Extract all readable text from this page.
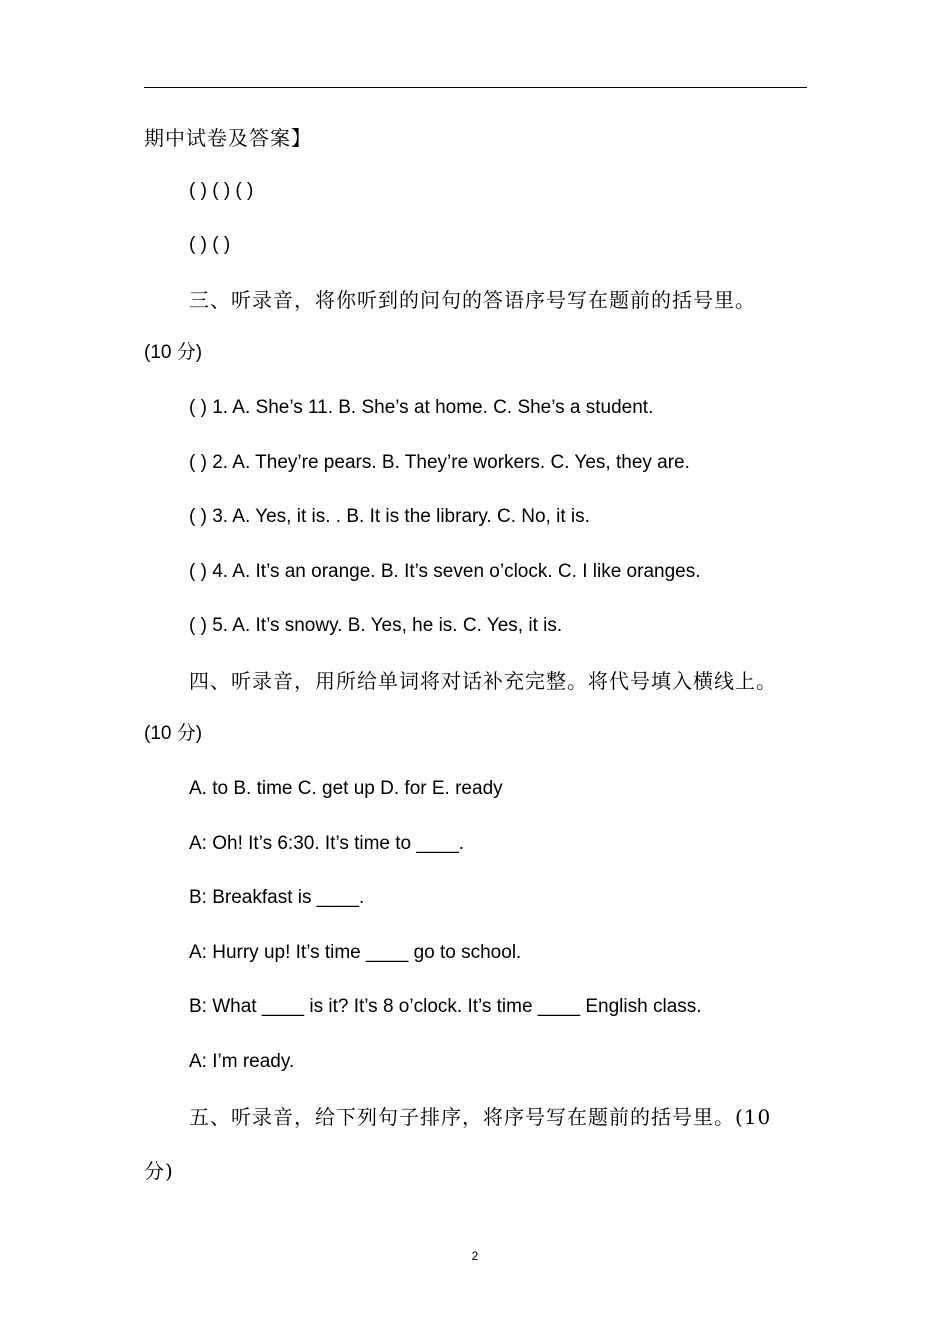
期中试卷及答案】
( ) ( ) ( )
( ) ( )
三、听录音，将你听到的问句的答语序号写在题前的括号里。
(10 分)
( ) 1. A. She’s 11. B. She’s at home. C. She’s a student.
( ) 2. A. They’re pears. B. They’re workers. C. Yes, they are.
( ) 3. A. Yes, it is. . B. It is the library. C. No, it is.
( ) 4. A. It’s an orange. B. It’s seven o’clock. C. I like oranges.
( ) 5. A. It’s snowy. B. Yes, he is. C. Yes, it is.
四、听录音，用所给单词将对话补充完整。将代号填入横线上。
(10 分)
A. to B. time C. get up D. for E. ready
A: Oh! It’s 6:30. It’s time to ____.
B: Breakfast is ____.
A: Hurry up! It’s time ____ go to school.
B: What ____ is it? It’s 8 o’clock. It’s time ____ English class.
A: I’m ready.
五、听录音，给下列句子排序，将序号写在题前的括号里。(10
分)
2
